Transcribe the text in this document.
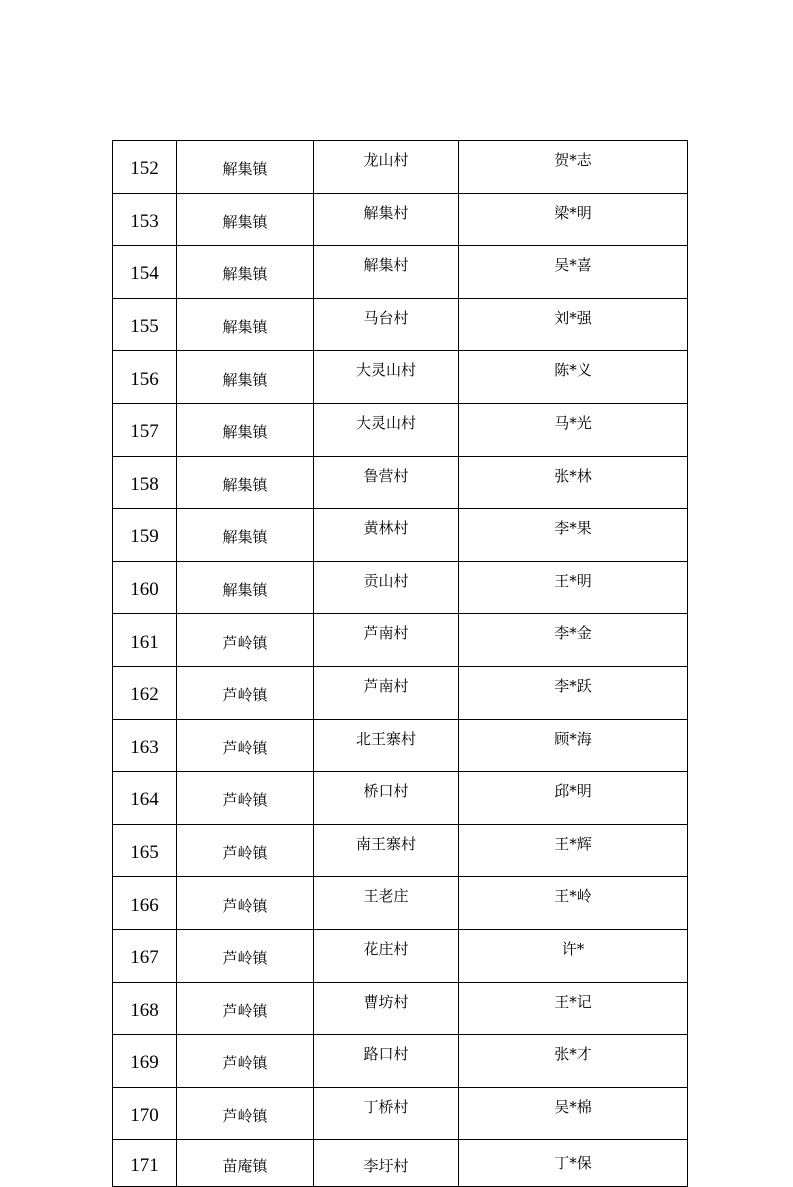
152	解集镇	龙山村	贺*志
153	解集镇	解集村	梁*明
154	解集镇	解集村	吴*喜
155	解集镇	马台村	刘*强
156	解集镇	大灵山村	陈*义
157	解集镇	大灵山村	马*光
158	解集镇	鲁营村	张*林
159	解集镇	黄林村	李*果
160	解集镇	贡山村	王*明
161	芦岭镇	芦南村	李*金
162	芦岭镇	芦南村	李*跃
163	芦岭镇	北王寨村	顾*海
164	芦岭镇	桥口村	邱*明
165	芦岭镇	南王寨村	王*辉
166	芦岭镇	王老庄	王*岭
167	芦岭镇	花庄村	许*
168	芦岭镇	曹坊村	王*记
169	芦岭镇	路口村	张*才
170	芦岭镇	丁桥村	吴*棉
171	苗庵镇	李圩村	丁*保
